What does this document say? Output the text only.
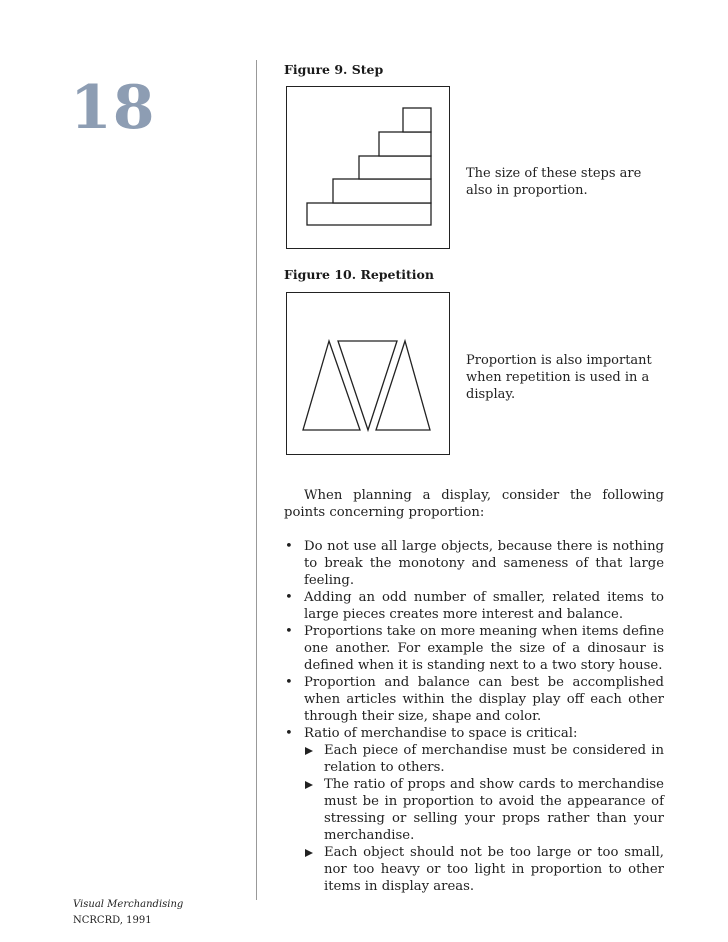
18
Figure 9. Step
The size of these steps are also in proportion.
Figure 10. Repetition
Proportion is also important when repetition is used in a display.

When planning a display, consider the following points concerning proportion:

• Do not use all large objects, because there is nothing to break the monotony and sameness of that large feeling.
• Adding an odd number of smaller, related items to large pieces creates more interest and balance.
• Proportions take on more meaning when items define one another. For example the size of a dinosaur is defined when it is standing next to a two story house.
• Proportion and balance can best be accomplished when articles within the display play off each other through their size, shape and color.
• Ratio of merchandise to space is critical:
Each piece of merchandise must be considered in relation to others.
The ratio of props and show cards to merchandise must be in proportion to avoid the appearance of stressing or selling your props rather than your merchandise.
Each object should not be too large or too small, nor too heavy or too light in proportion to other items in display areas.
Visual Merchandising
NCRCRD, 1991
